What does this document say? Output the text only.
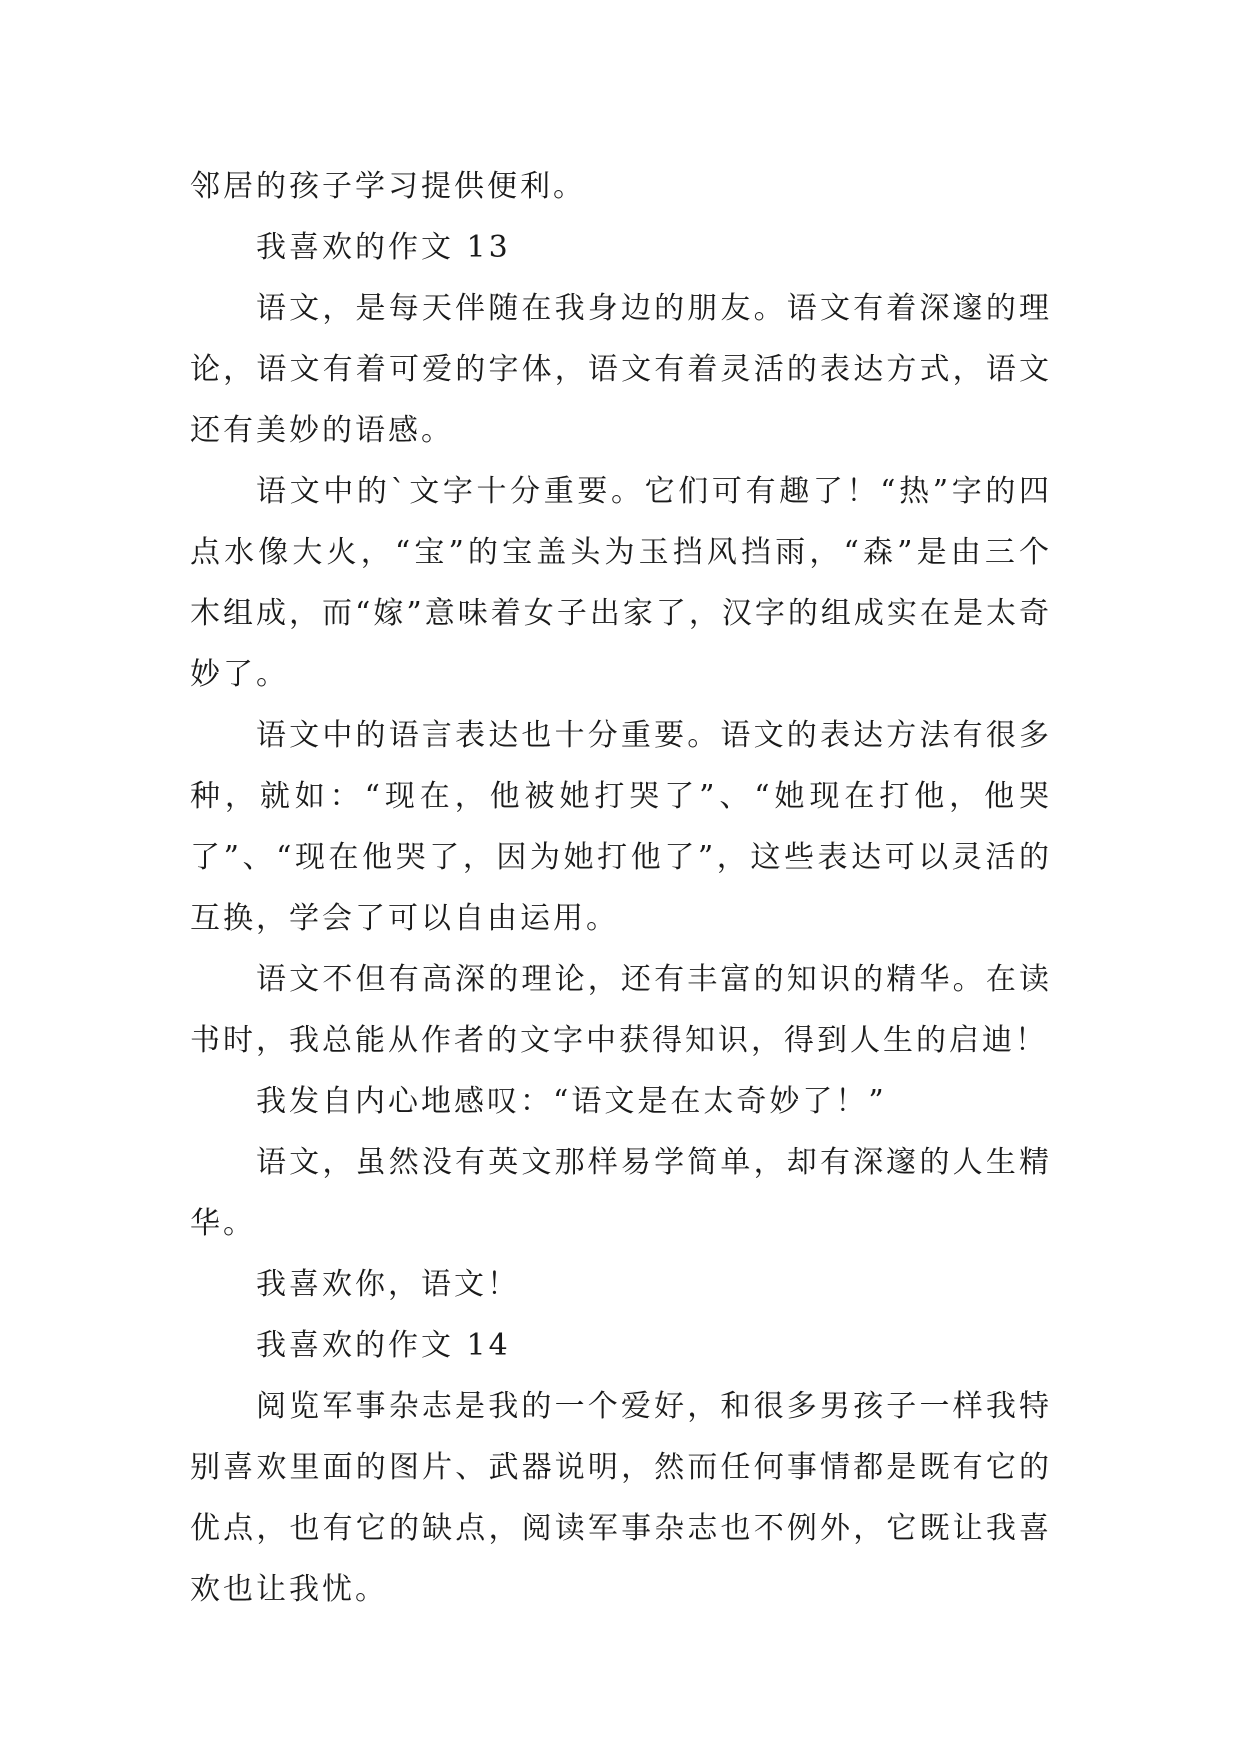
邻居的孩子学习提供便利。

我喜欢的作文 13

语文，是每天伴随在我身边的朋友。语文有着深邃的理论，语文有着可爱的字体，语文有着灵活的表达方式，语文还有美妙的语感。

语文中的`文字十分重要。它们可有趣了！“热”字的四点水像大火，“宝”的宝盖头为玉挡风挡雨，“森”是由三个木组成，而“嫁”意味着女子出家了，汉字的组成实在是太奇妙了。

语文中的语言表达也十分重要。语文的表达方法有很多种，就如：“现在，他被她打哭了”、“她现在打他，他哭了”、“现在他哭了，因为她打他了”，这些表达可以灵活的互换，学会了可以自由运用。

语文不但有高深的理论，还有丰富的知识的精华。在读书时，我总能从作者的文字中获得知识，得到人生的启迪！

我发自内心地感叹：“语文是在太奇妙了！”

语文，虽然没有英文那样易学简单，却有深邃的人生精华。

我喜欢你，语文！

我喜欢的作文 14

阅览军事杂志是我的一个爱好，和很多男孩子一样我特别喜欢里面的图片、武器说明，然而任何事情都是既有它的优点，也有它的缺点，阅读军事杂志也不例外，它既让我喜欢也让我忧。
